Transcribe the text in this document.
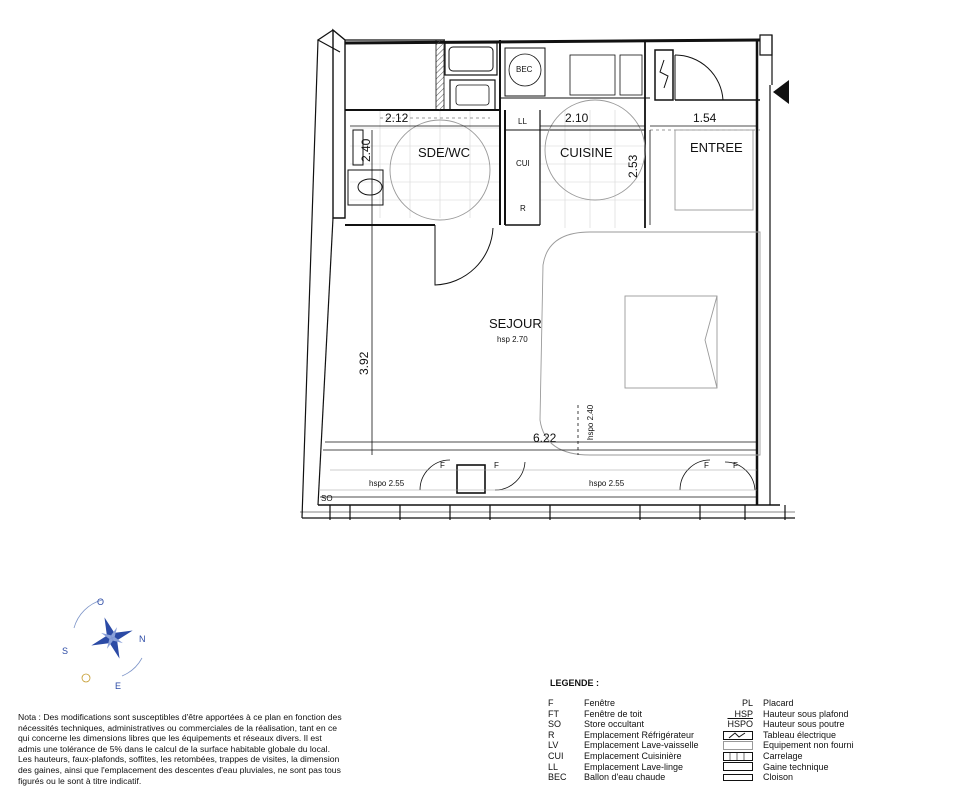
SDE/WC	CUISINE	ENTREE
SEJOUR
hsp 2.70
2.12	2.10	1.54
6.22
2.40
2.53
3.92
hspo 2.40
hspo 2.55	hspo 2.55
BEC
LL
CUI
R
SO
F	F	F	F
O
N
S
E
Nota : Des modifications sont susceptibles d'être apportées à ce plan en fonction des
nécessités techniques, administratives ou commerciales de la réalisation, tant en ce
qui concerne les dimensions libres que les équipements et réseaux divers. Il est
admis une tolérance de 5% dans le calcul de la surface habitable globale du local.
Les hauteurs, faux-plafonds, soffites, les retombées, trappes de visites, la dimension
des gaines, ainsi que l'emplacement des descentes d'eau pluviales, ne sont pas tous
figurés ou le sont à titre indicatif.
LEGENDE :
F	Fenêtre
FT	Fenêtre de toit
SO	Store occultant
R	Emplacement Réfrigérateur
LV	Emplacement Lave-vaisselle
CUI	Emplacement Cuisinière
LL	Emplacement Lave-linge
BEC	Ballon d'eau chaude
PL	Placard
HSP	Hauteur sous plafond
HSPO	Hauteur sous poutre
Tableau électrique
Equipement non fourni
Carrelage
Gaine technique
Cloison
